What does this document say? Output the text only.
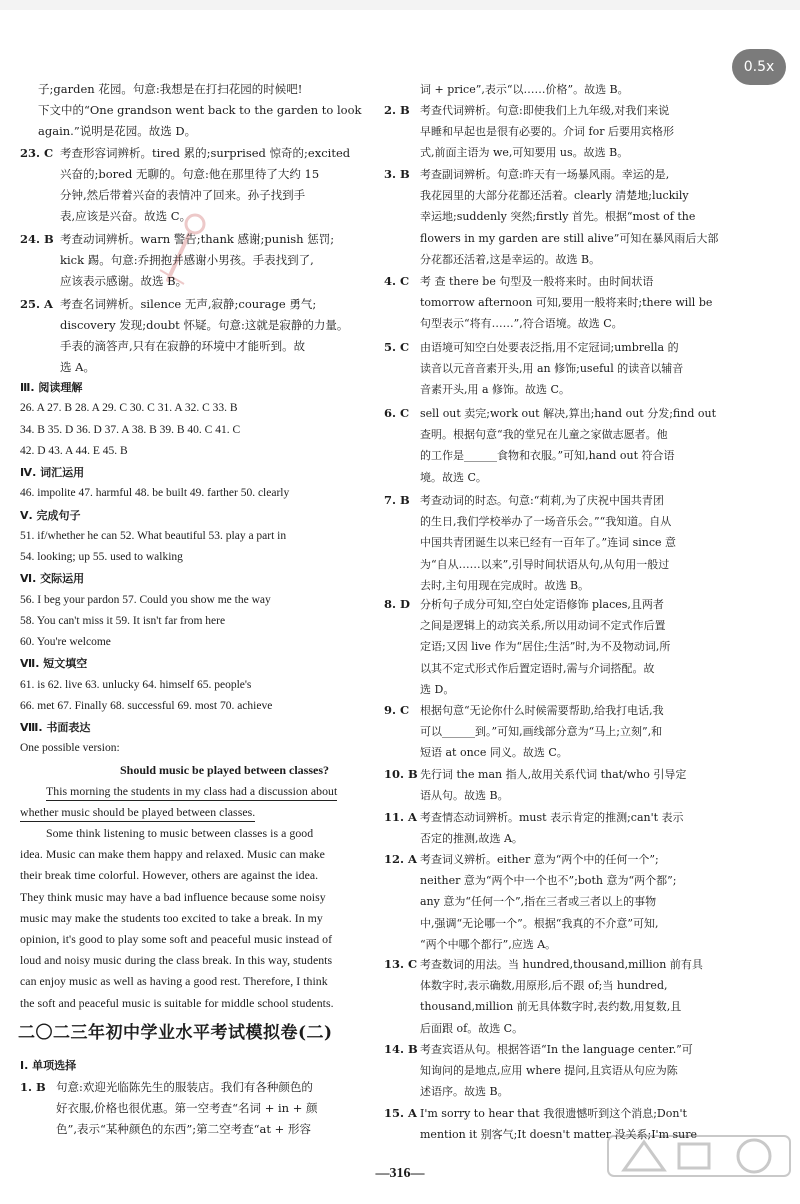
Ⅲ. 阅读理解
26. A 27. B 28. A 29. C 30. C 31. A 32. C 33. B
34. B 35. D 36. D 37. A 38. B 39. B 40. C 41. C
42. D 43. A 44. E 45. B
Ⅳ. 词汇运用
46. impolite 47. harmful 48. be built 49. farther 50. clearly
Ⅴ. 完成句子
51. if/whether he can 52. What beautiful 53. play a part in
54. looking; up 55. used to walking
Ⅵ. 交际运用
56. I beg your pardon 57. Could you show me the way
58. You can't miss it 59. It isn't far from here
60. You're welcome
Ⅶ. 短文填空
61. is 62. live 63. unlucky 64. himself 65. people's
66. met 67. Finally 68. successful 69. most 70. achieve
Ⅷ. 书面表达
One possible version:
Should music be played between classes?
This morning the students in my class had a discussion about
whether music should be played between classes.
二〇二三年初中学业水平考试模拟卷(二)
Ⅰ. 单项选择
1. B
—316—
0.5x
子;garden 花园。句意:我想是在打扫花园的时候吧!
下文中的“One grandson went back to the garden to look
again.”说明是花园。故选 D。
23. C 考查形容词辨析。tired 累的;surprised 惊奇的;excited
兴奋的;bored 无聊的。句意:他在那里待了大约 15
分钟,然后带着兴奋的表情冲了回来。孙子找到手
表,应该是兴奋。故选 C。
24. B 考查动词辨析。warn 警告;thank 感谢;punish 惩罚;
kick 踢。句意:乔拥抱并感谢小男孩。手表找到了,
应该表示感谢。故选 B。
25. A 考查名词辨析。silence 无声,寂静;courage 勇气;
discovery 发现;doubt 怀疑。句意:这就是寂静的力量。
手表的滴答声,只有在寂静的环境中才能听到。故
选 A。
Some think listening to music between classes is a good
idea. Music can make them happy and relaxed. Music can make
their break time colorful. However, others are against the idea.
They think music may have a bad influence because some noisy
music may make the students too excited to take a break. In my
opinion, it's good to play some soft and peaceful music instead of
loud and noisy music during the class break. In this way, students
can enjoy music as well as having a good rest. Therefore, I think
the soft and peaceful music is suitable for middle school students.
句意:欢迎光临陈先生的服装店。我们有各种颜色的
好衣服,价格也很优惠。第一空考查“名词 + in + 颜
色”,表示“某种颜色的东西”;第二空考查“at + 形容
词 + price”,表示“以……价格”。故选 B。
2. B 考查代词辨析。句意:即使我们上九年级,对我们来说
早睡和早起也是很有必要的。介词 for 后要用宾格形
式,前面主语为 we,可知要用 us。故选 B。
3. B 考查副词辨析。句意:昨天有一场暴风雨。幸运的是,
我花园里的大部分花都还活着。clearly 清楚地;luckily
幸运地;suddenly 突然;firstly 首先。根据“most of the
flowers in my garden are still alive”可知在暴风雨后大部
分花都还活着,这是幸运的。故选 B。
4. C 考 查 there be 句型及一般将来时。由时间状语
tomorrow afternoon 可知,要用一般将来时;there will be
句型表示“将有……”,符合语境。故选 C。
5. C 由语境可知空白处要表泛指,用不定冠词;umbrella 的
读音以元音音素开头,用 an 修饰;useful 的读音以辅音
音素开头,用 a 修饰。故选 C。
6. C sell out 卖完;work out 解决,算出;hand out 分发;find out
查明。根据句意“我的堂兄在儿童之家做志愿者。他
的工作是______食物和衣服。”可知,hand out 符合语
境。故选 C。
7. B 考查动词的时态。句意:“莉莉,为了庆祝中国共青团
的生日,我们学校举办了一场音乐会。”“我知道。自从
中国共青团诞生以来已经有一百年了。”连词 since 意
为“自从……以来”,引导时间状语从句,从句用一般过
去时,主句用现在完成时。故选 B。
8. D 分析句子成分可知,空白处定语修饰 places,且两者
之间是逻辑上的动宾关系,所以用动词不定式作后置
定语;又因 live 作为“居住;生活”时,为不及物动词,所
以其不定式形式作后置定语时,需与介词搭配。故
选 D。
9. C 根据句意“无论你什么时候需要帮助,给我打电话,我
可以______到。”可知,画线部分意为“马上;立刻”,和
短语 at once 同义。故选 C。
10. B 先行词 the man 指人,故用关系代词 that/who 引导定
语从句。故选 B。
11. A 考查情态动词辨析。must 表示肯定的推测;can't 表示
否定的推测,故选 A。
12. A 考查词义辨析。either 意为“两个中的任何一个”;
neither 意为“两个中一个也不”;both 意为“两个都”;
any 意为“任何一个”,指在三者或三者以上的事物
中,强调“无论哪一个”。根据“我真的不介意”可知,
“两个中哪个都行”,应选 A。
13. C 考查数词的用法。当 hundred,thousand,million 前有具
体数字时,表示确数,用原形,后不跟 of;当 hundred,
thousand,million 前无具体数字时,表约数,用复数,且
后面跟 of。故选 C。
14. B 考查宾语从句。根据答语“In the language center.”可
知询问的是地点,应用 where 提问,且宾语从句应为陈
述语序。故选 B。
15. A I'm sorry to hear that 我很遗憾听到这个消息;Don't
mention it 别客气;It doesn't matter 没关系;I'm sure
